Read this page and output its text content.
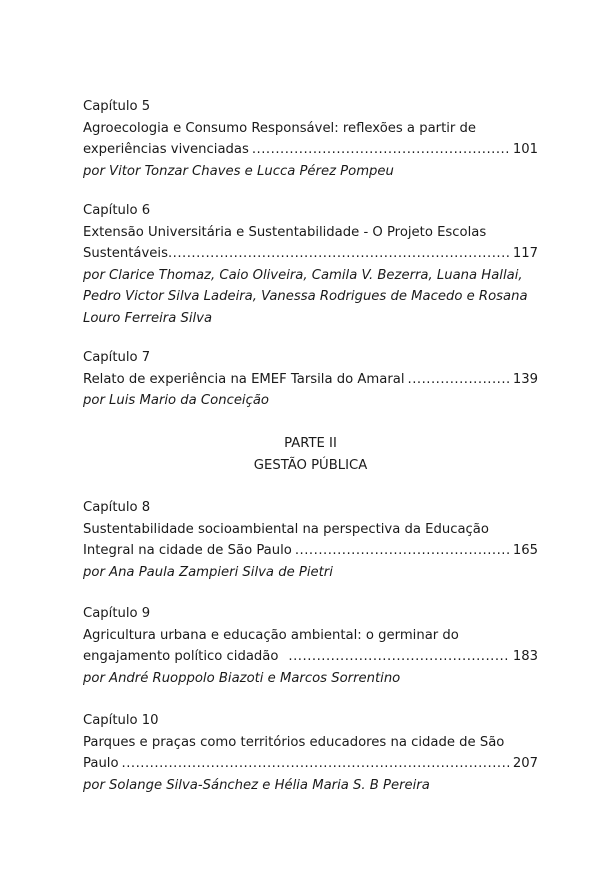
Capítulo 5
Agroecologia e Consumo Responsável: reflexões a partir de
experiências vivenciadas .....	101
por Vitor Tonzar Chaves e Lucca Pérez Pompeu
Capítulo 6
Extensão Universitária e Sustentabilidade - O Projeto Escolas
Sustentáveis .....	117
por Clarice Thomaz, Caio Oliveira, Camila V. Bezerra, Luana Hallai,
Pedro Victor Silva Ladeira, Vanessa Rodrigues de Macedo e Rosana
Louro Ferreira Silva
Capítulo 7
Relato de experiência na EMEF Tarsila do Amaral .....	139
por Luis Mario da Conceição
PARTE II
GESTÃO PÚBLICA
Capítulo 8
Sustentabilidade socioambiental na perspectiva da Educação
Integral na cidade de São Paulo .....	165
por Ana Paula Zampieri Silva de Pietri
Capítulo 9
Agricultura urbana e educação ambiental: o germinar do
engajamento político cidadão .....	183
por André Ruoppolo Biazoti e Marcos Sorrentino
Capítulo 10
Parques e praças como territórios educadores na cidade de São
Paulo .....	207
por Solange Silva-Sánchez e Hélia Maria S. B Pereira
